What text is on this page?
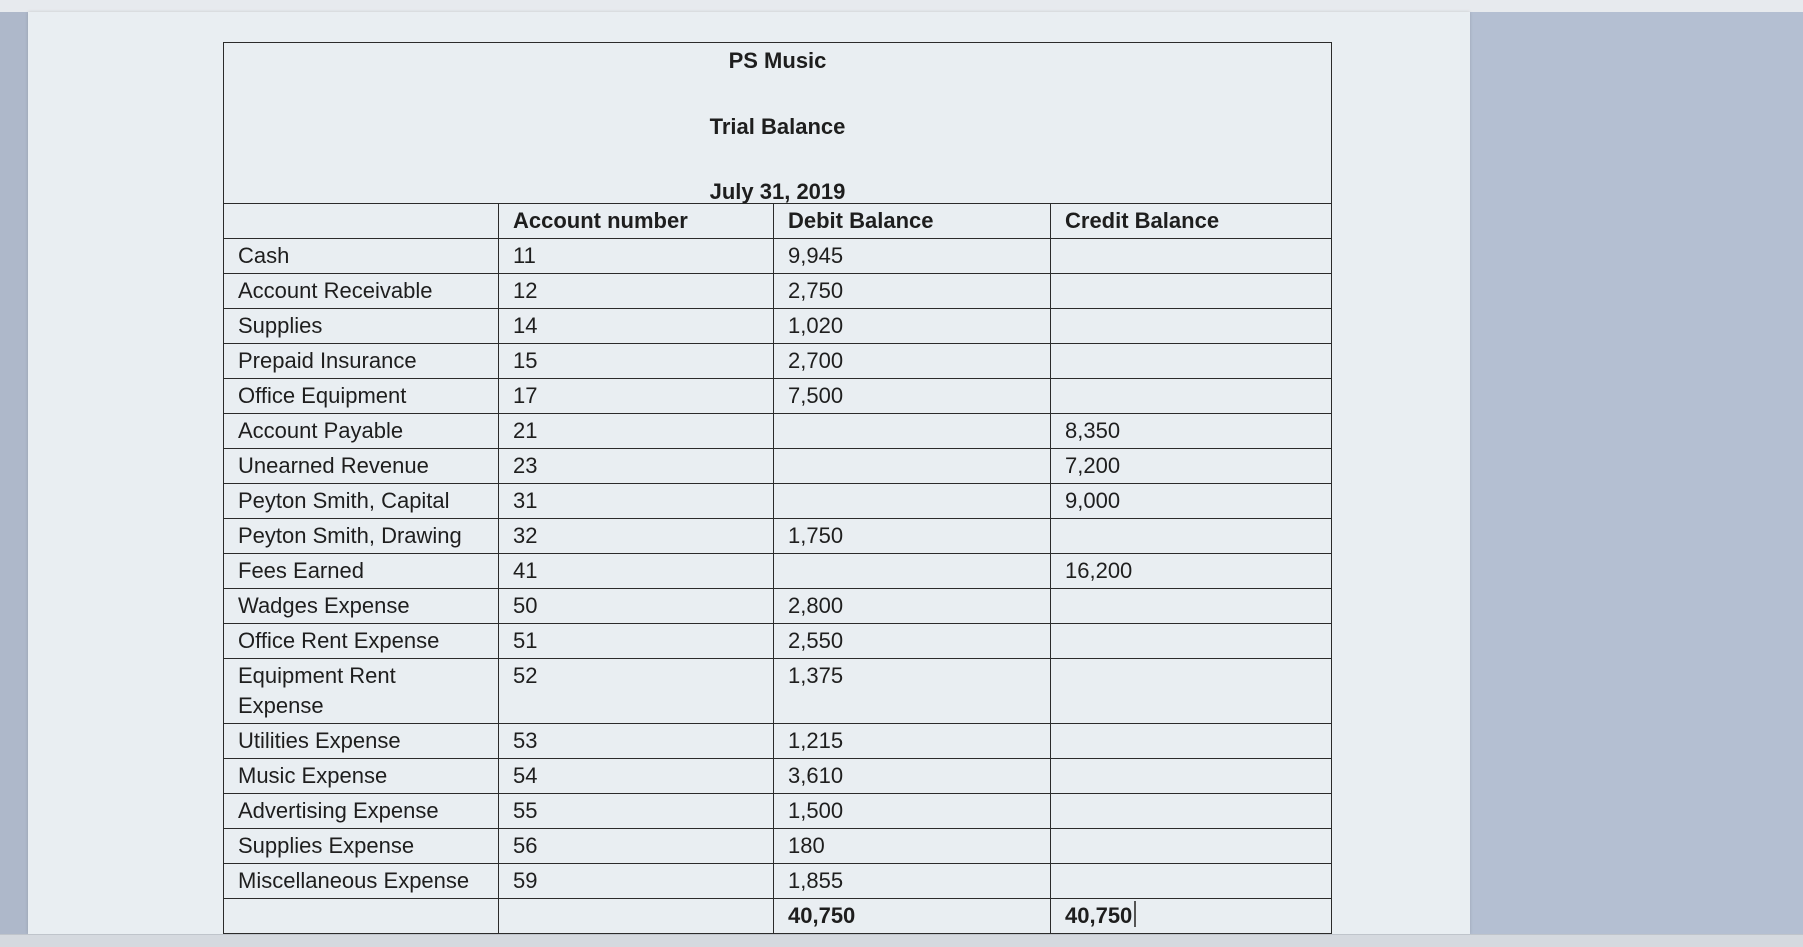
PS Music
Trial Balance
July 31, 2019			

	Account number	Debit Balance	Credit Balance
Cash	11	9,945	
Account Receivable	12	2,750	
Supplies	14	1,020	
Prepaid Insurance	15	2,700	
Office Equipment	17	7,500	
Account Payable	21		8,350
Unearned Revenue	23		7,200
Peyton Smith, Capital	31		9,000
Peyton Smith, Drawing	32	1,750	
Fees Earned	41		16,200
Wadges Expense	50	2,800	
Office Rent Expense	51	2,550	
Equipment Rent Expense	52	1,375	
Utilities Expense	53	1,215	
Music Expense	54	3,610	
Advertising Expense	55	1,500	
Supplies Expense	56	180	
Miscellaneous Expense	59	1,855	
		40,750	40,750
